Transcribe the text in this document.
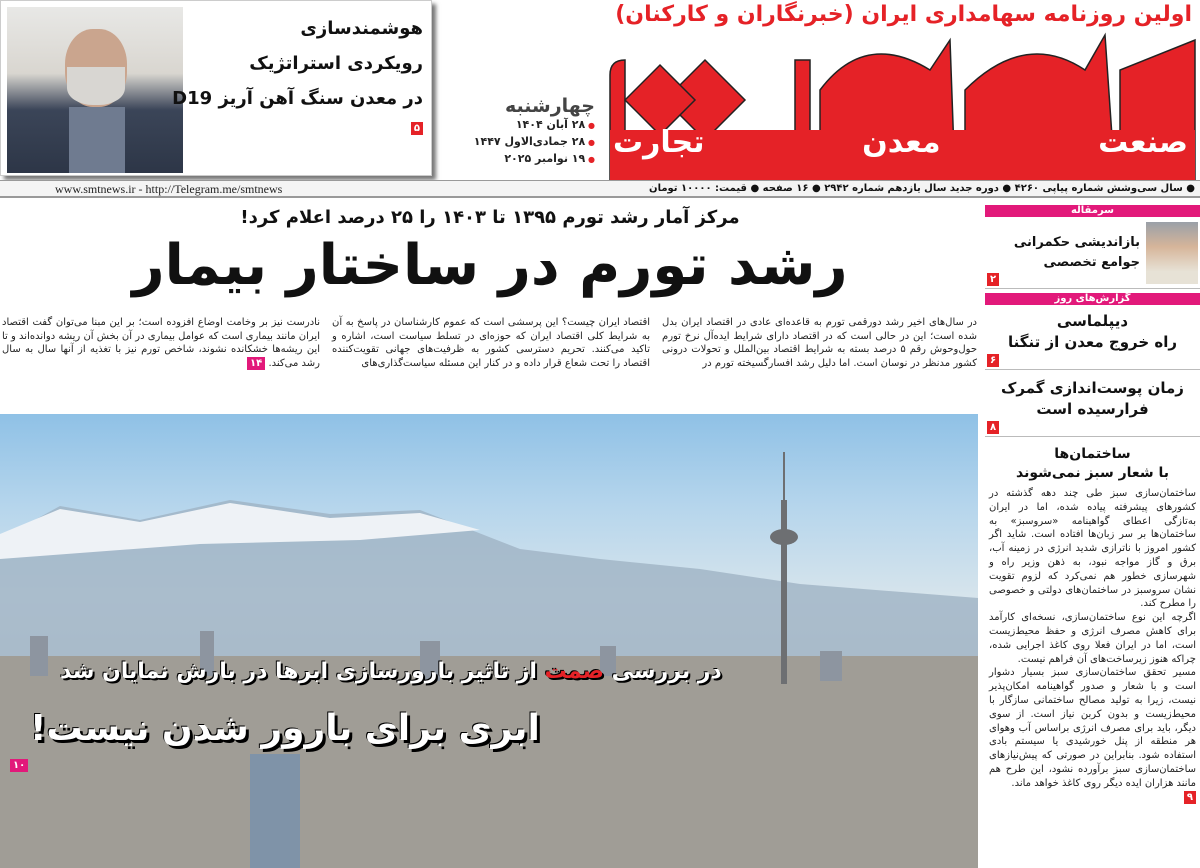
هوشمندسازی
رویکردی استراتژیک
در معدن سنگ آهن آریز D19
۵
اولین روزنامه سهامداری ایران (خبرنگاران و کارکنان)
صنعت
معدن
تجارت
چهارشنبه
● ۲۸ آبان ۱۴۰۴
● ۲۸ جمادی‌الاول ۱۴۴۷
● ۱۹ نوامبر ۲۰۲۵
www.smtnews.ir - http://Telegram.me/smtnews	● سال سی‌وشش شماره پیاپی ۴۲۶۰ ● دوره جدید سال یازدهم شماره ۲۹۴۲ ● ۱۶ صفحه ● قیمت: ۱۰۰۰۰ تومان
مرکز آمار رشد تورم ۱۳۹۵ تا ۱۴۰۳ را ۲۵ درصد اعلام کرد!
رشد تورم در ساختار بیمار
در سال‌های اخیر رشد دورقمی تورم به قاعده‌ای عادی در اقتصاد ایران بدل شده است؛ این در حالی است که در اقتصاد دارای شرایط ایده‌آل نرخ تورم حول‌وحوش رقم ۵ درصد بسته به شرایط اقتصاد بین‌الملل و تحولات درونی کشور مدنظر در نوسان است. اما دلیل رشد افسارگسیخته تورم در
اقتصاد ایران چیست؟ این پرسشی است که عموم کارشناسان در پاسخ به آن به شرایط کلی اقتصاد ایران که حوزه‌ای در تسلط سیاست است، اشاره و تاکید می‌کنند. تحریم دسترسی کشور به ظرفیت‌های جهانی تقویت‌کننده اقتصاد را تحت شعاع قرار داده و در کنار این مسئله سیاست‌گذاری‌های
نادرست نیز بر وخامت اوضاع افزوده است؛ بر این مبنا می‌توان گفت اقتصاد ایران مانند بیماری است که عوامل بیماری در آن بخش آن ریشه دوانده‌اند و تا این ریشه‌ها خشکانده نشوند، شاخص تورم نیز با تغذیه از آنها سال به سال رشد می‌کند. ۱۴
در بررسی صمت از تاثیر بارورسازی ابرها در بارش نمایان شد
ابری برای بارور شدن نیست!
۱۰
سرمقاله
بازاندیشی حکمرانی
جوامع تخصصی
۲
گزارش‌های روز
دیپلماسی
راه خروج معدن از تنگنا
۶
زمان پوست‌اندازی گمرک
فرارسیده است
۸
ساختمان‌ها
با شعار سبز نمی‌شوند

ساختمان‌سازی سبز طی چند دهه گذشته در کشورهای پیشرفته پیاده شده، اما در ایران به‌تازگی اعطای گواهینامه «سروسبز» به ساختمان‌ها بر سر زبان‌ها افتاده است. شاید اگر کشور امروز با ناترازی شدید انرژی در زمینه آب، برق و گاز مواجه نبود، به ذهن وزیر راه و شهرسازی خطور هم نمی‌کرد که لزوم تقویت نشان سروسبز در ساختمان‌های دولتی و خصوصی را مطرح کند.

اگرچه این نوع ساختمان‌سازی، نسخه‌ای کارآمد برای کاهش مصرف انرژی و حفظ محیط‌زیست است، اما در ایران فعلا روی کاغذ اجرایی شده، چراکه هنوز زیرساخت‌های آن فراهم نیست.

مسیر تحقق ساختمان‌سازی سبز بسیار دشوار است و با شعار و صدور گواهینامه امکان‌پذیر نیست، زیرا به تولید مصالح ساختمانی سازگار با محیط‌زیست و بدون کربن نیاز است. از سوی دیگر، باید برای مصرف انرژی براساس آب وهوای هر منطقه از پنل خورشیدی یا سیستم بادی استفاده شود. بنابراین در صورتی که پیش‌نیازهای ساختمان‌سازی سبز برآورده نشود، این طرح هم مانند هزاران ایده دیگر روی کاغذ خواهد ماند.

۹
